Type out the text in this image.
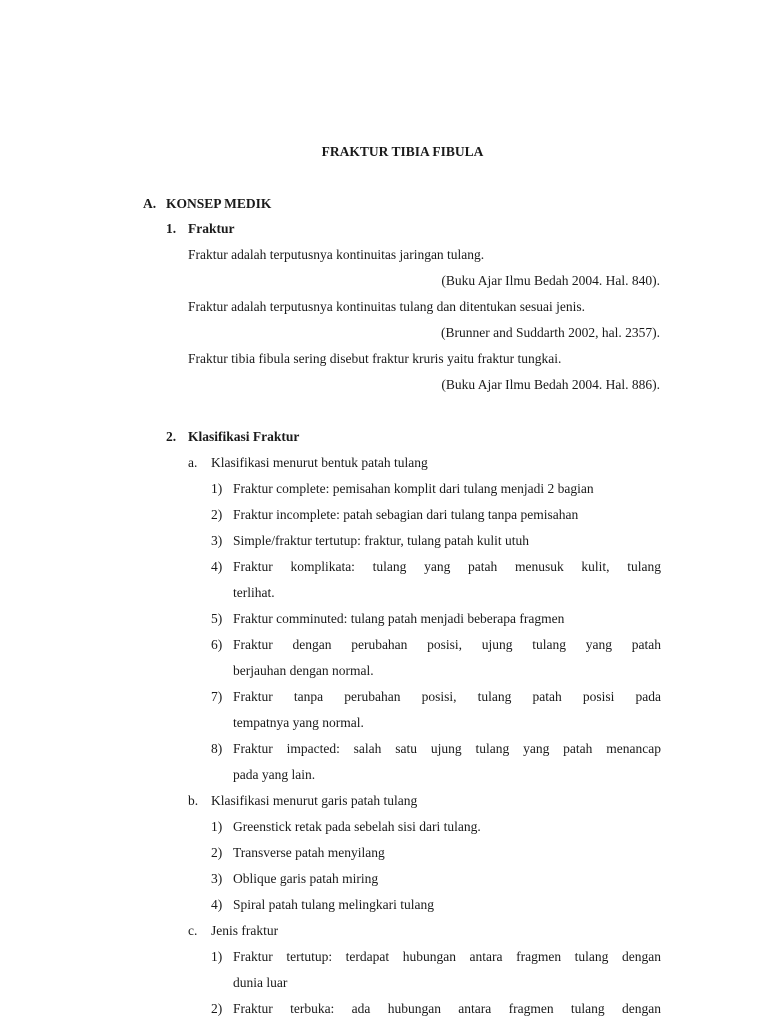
FRAKTUR TIBIA FIBULA
A. KONSEP MEDIK
1. Fraktur
Fraktur adalah terputusnya kontinuitas jaringan tulang.
(Buku Ajar Ilmu Bedah 2004. Hal. 840).
Fraktur adalah terputusnya kontinuitas tulang dan ditentukan sesuai jenis.
(Brunner and Suddarth 2002, hal. 2357).
Fraktur tibia fibula sering disebut fraktur kruris yaitu fraktur tungkai.
(Buku Ajar Ilmu Bedah 2004. Hal. 886).
2. Klasifikasi Fraktur
a. Klasifikasi menurut bentuk patah tulang
1) Fraktur complete: pemisahan komplit dari tulang menjadi 2 bagian
2) Fraktur incomplete: patah sebagian dari tulang tanpa pemisahan
3) Simple/fraktur tertutup: fraktur, tulang patah kulit utuh
4) Fraktur komplikata: tulang yang patah menusuk kulit, tulang
terlihat.
5) Fraktur comminuted: tulang patah menjadi beberapa fragmen
6) Fraktur dengan perubahan posisi, ujung tulang yang patah
berjauhan dengan normal.
7) Fraktur tanpa perubahan posisi, tulang patah posisi pada
tempatnya yang normal.
8) Fraktur impacted: salah satu ujung tulang yang patah menancap
pada yang lain.
b. Klasifikasi menurut garis patah tulang
1) Greenstick retak pada sebelah sisi dari tulang.
2) Transverse patah menyilang
3) Oblique garis patah miring
4) Spiral patah tulang melingkari tulang
c. Jenis fraktur
1) Fraktur tertutup: terdapat hubungan antara fragmen tulang dengan
dunia luar
2) Fraktur terbuka: ada hubungan antara fragmen tulang dengan
